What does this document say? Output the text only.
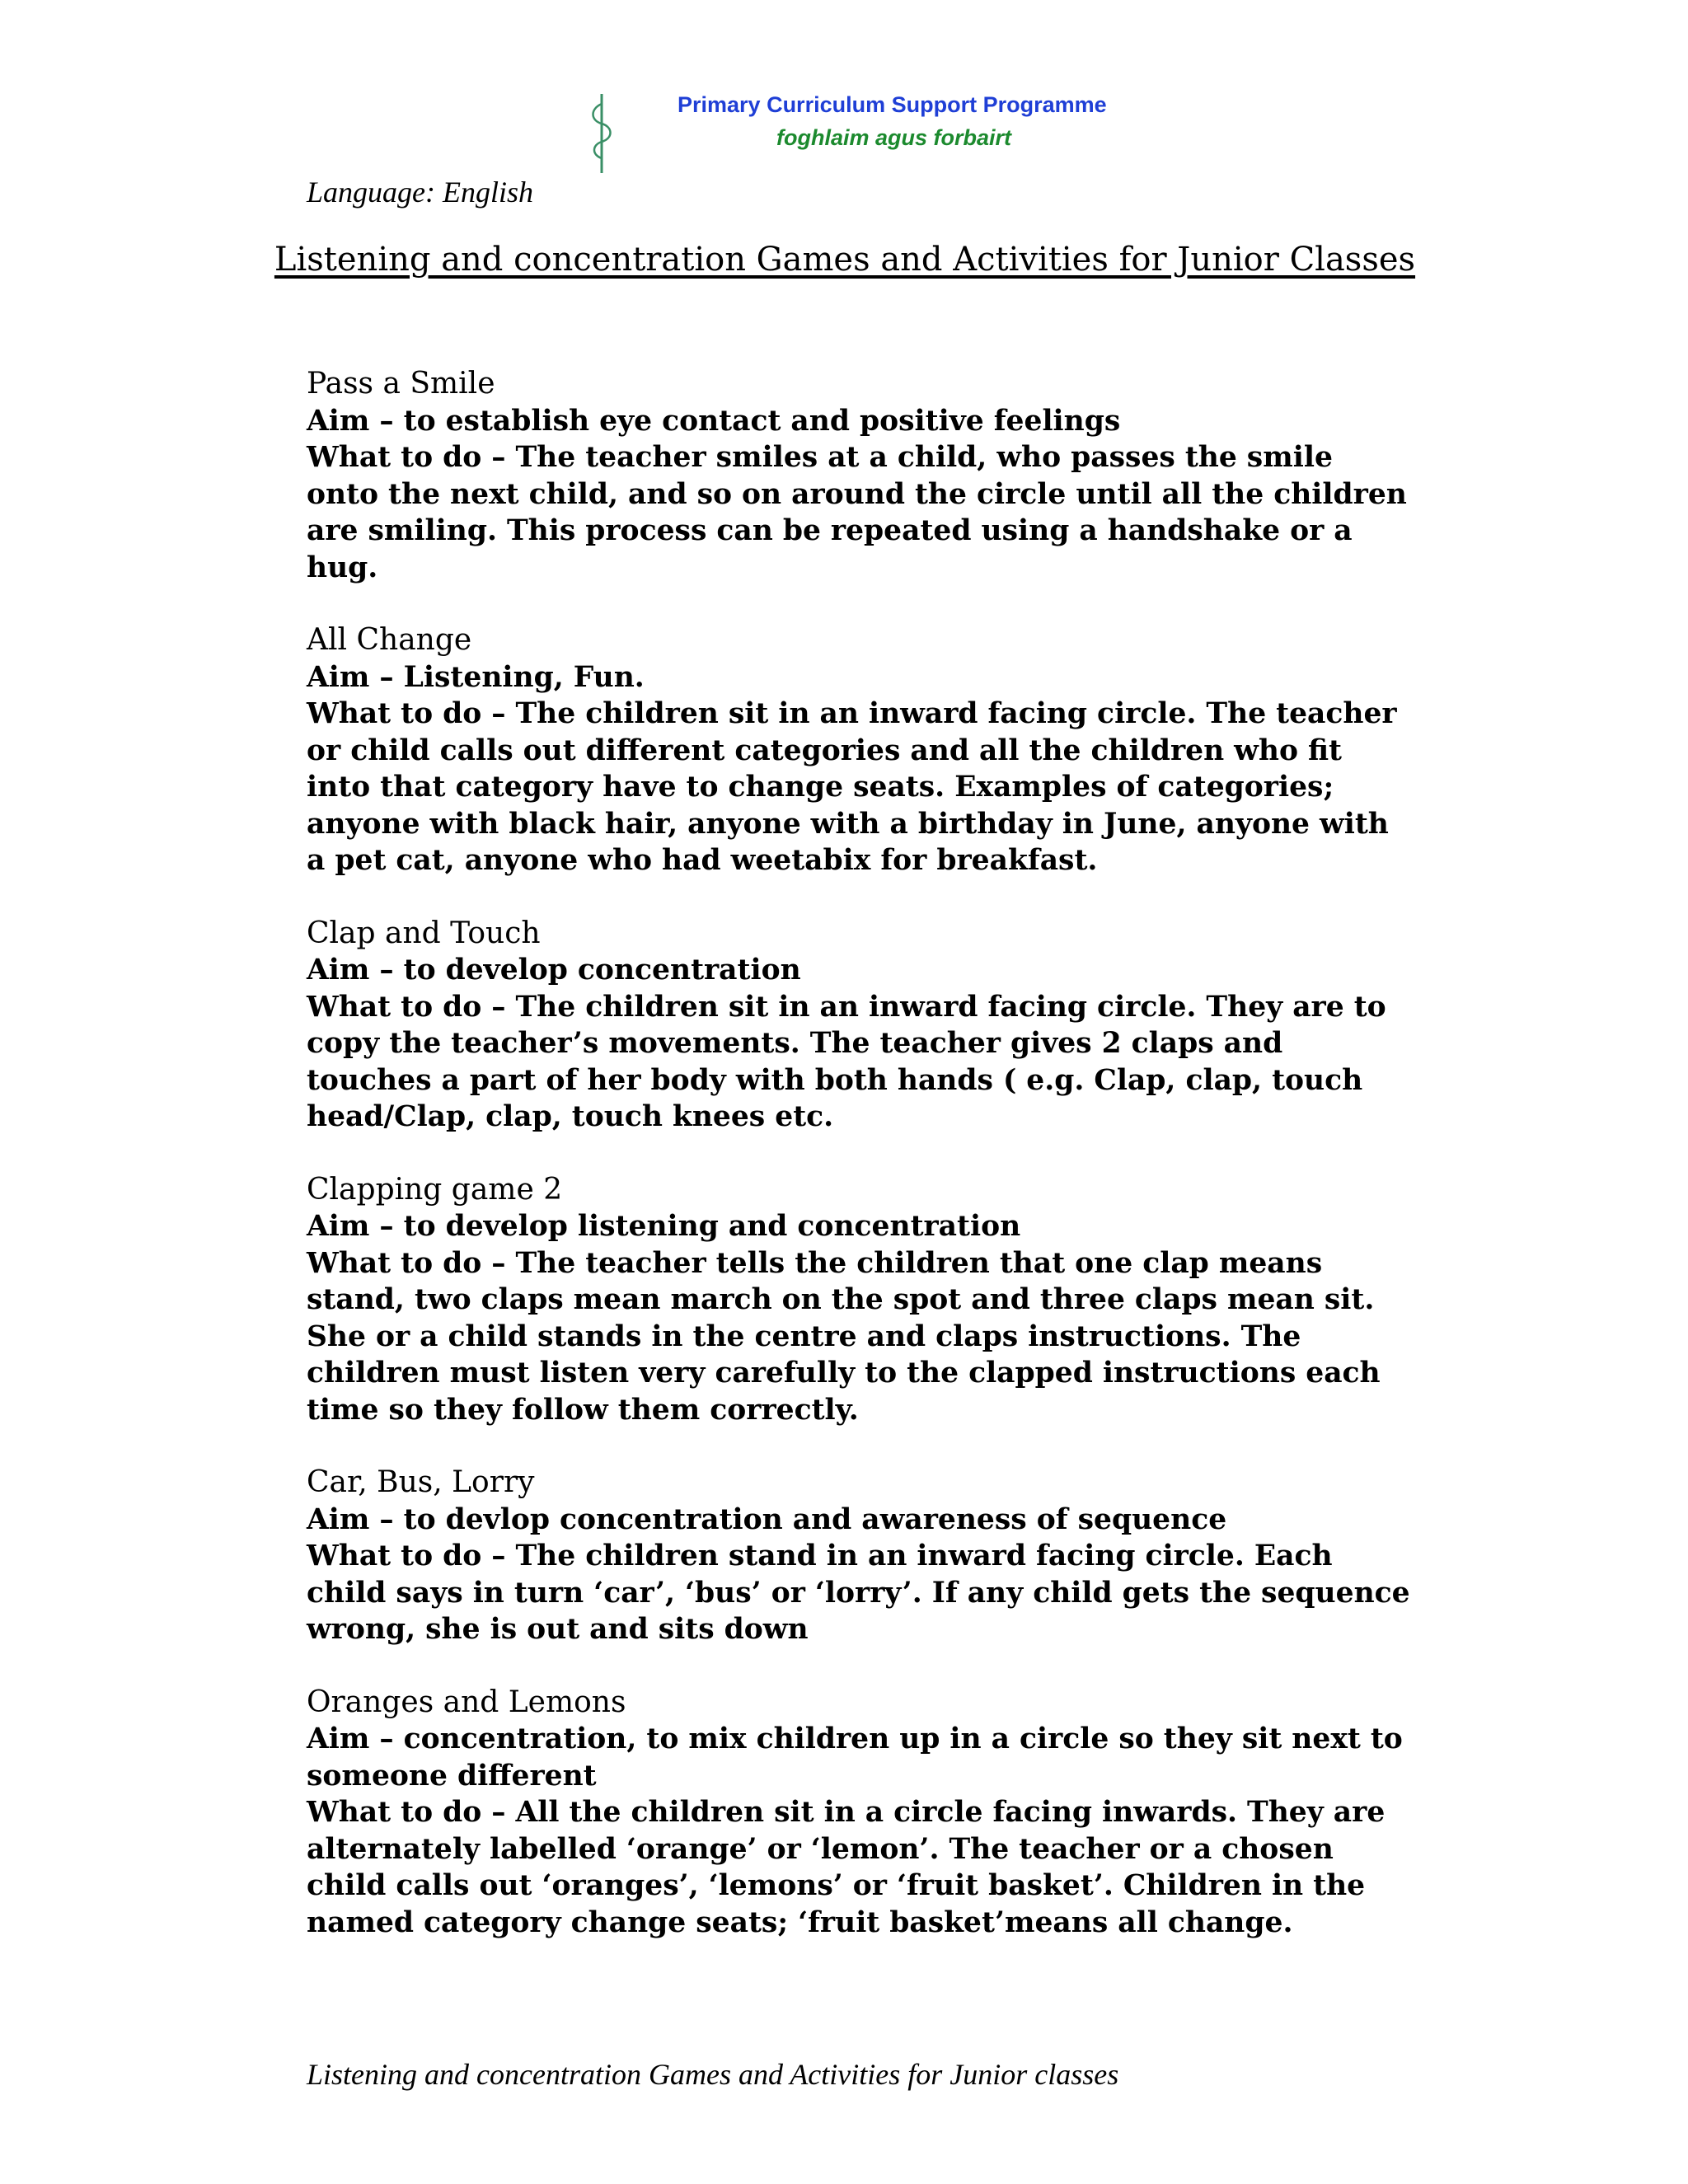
Primary Curriculum Support Programme
foghlaim agus forbairt
Language: English
Listening and concentration Games and Activities for Junior Classes
Pass a Smile

Aim – to establish eye contact and positive feelings

What to do – The teacher smiles at a child, who passes the smile onto the next child, and so on around the circle until all the children are smiling. This process can be repeated using a handshake or a hug.

All Change

Aim – Listening, Fun.

What to do – The children sit in an inward facing circle. The teacher or child calls out different categories and all the children who fit into that category have to change seats. Examples of categories; anyone with black hair, anyone with a birthday in June, anyone with a pet cat, anyone who had weetabix for breakfast.

Clap and Touch

Aim – to develop concentration

What to do – The children sit in an inward facing circle. They are to copy the teacher’s movements. The teacher gives 2 claps and touches a part of her body with both hands ( e.g. Clap, clap, touch head/Clap, clap, touch knees etc.

Clapping game 2

Aim – to develop listening and concentration

What to do – The teacher tells the children that one clap means stand, two claps mean march on the spot and three claps mean sit. She or a child stands in the centre and claps instructions. The children must listen very carefully to the clapped instructions each time so they follow them correctly.

Car, Bus, Lorry

Aim – to devlop concentration and awareness of sequence

What to do – The children stand in an inward facing circle. Each child says in turn ‘car’, ‘bus’ or ‘lorry’. If any child gets the sequence wrong, she is out and sits down

Oranges and Lemons

Aim – concentration, to mix children up in a circle so they sit next to someone different

What to do – All the children sit in a circle facing inwards. They are alternately labelled ‘orange’ or ‘lemon’. The teacher or a chosen child calls out ‘oranges’, ‘lemons’ or ‘fruit basket’. Children in the named category change seats; ‘fruit basket’means all change.

Listening and concentration Games and Activities for Junior classes
